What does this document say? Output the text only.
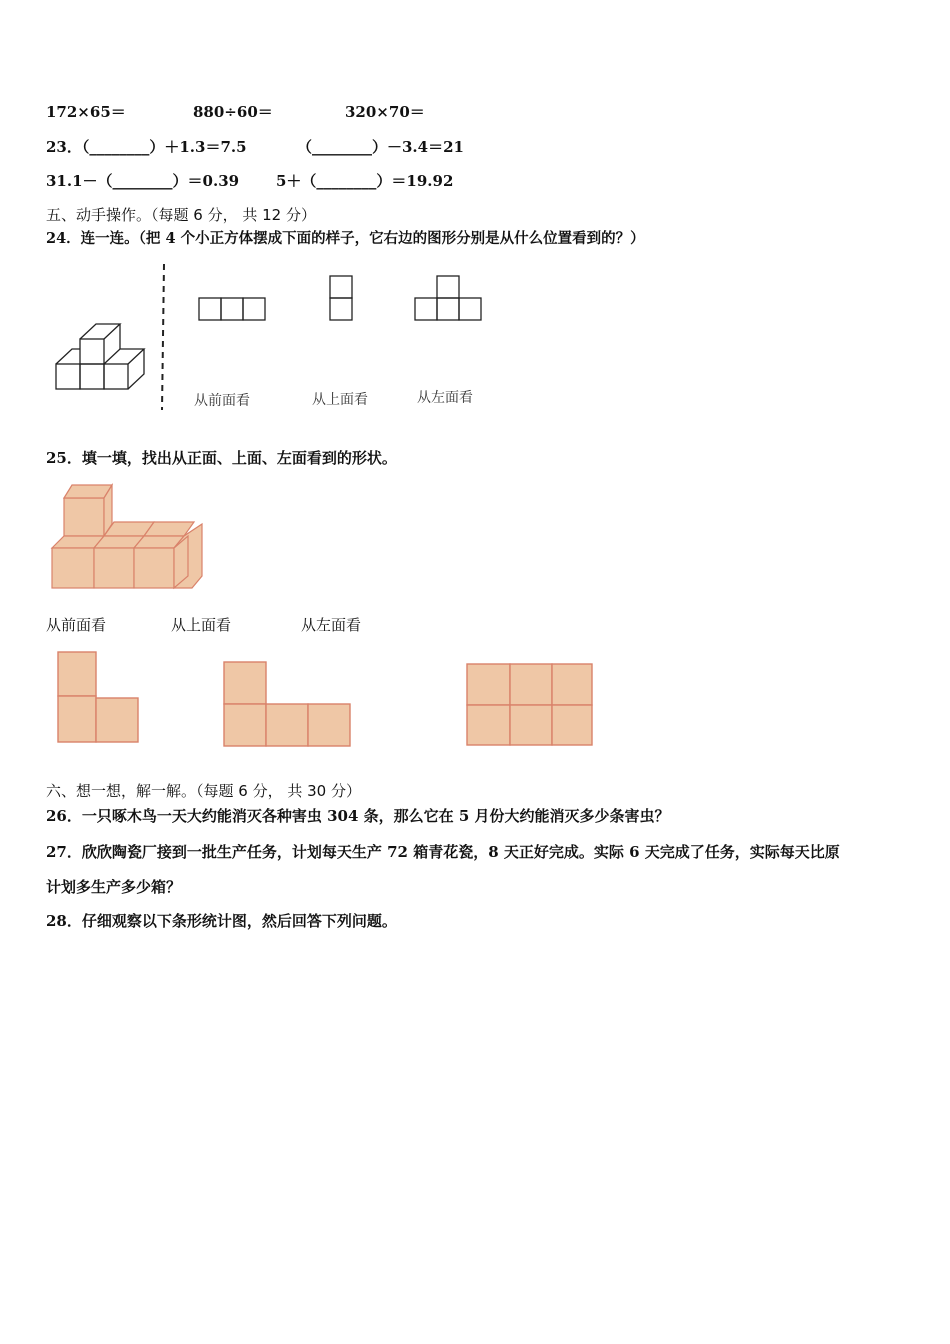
172×65＝	880÷60＝	320×70＝
23．（________）＋1.3＝7.5	（________）－3.4＝21
31.1－（________）＝0.39 5＋（________）＝19.92
五、动手操作。（每题 6 分， 共 12 分）
24．连一连。（把 4 个小正方体摆成下面的样子，它右边的图形分别是从什么位置看到的？）
从前面看	从上面看	从左面看
25．填一填，找出从正面、上面、左面看到的形状。
从前面看	从上面看	从左面看
六、想一想，解一解。（每题 6 分， 共 30 分）
26．一只啄木鸟一天大约能消灭各种害虫 304 条，那么它在 5 月份大约能消灭多少条害虫？
27．欣欣陶瓷厂接到一批生产任务，计划每天生产 72 箱青花瓷，8 天正好完成。实际 6 天完成了任务，实际每天比原
计划多生产多少箱？
28．仔细观察以下条形统计图，然后回答下列问题。
